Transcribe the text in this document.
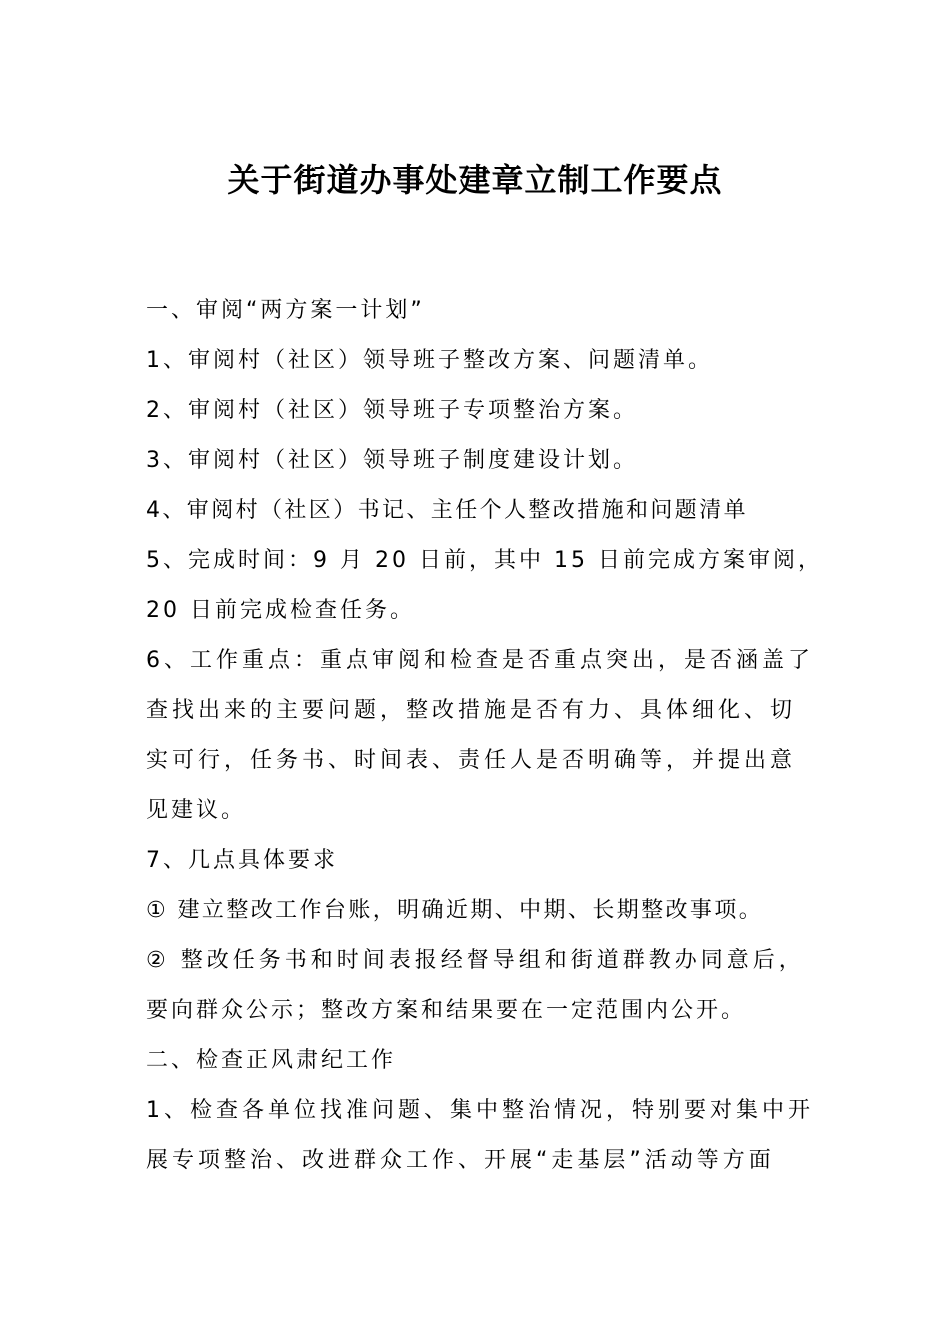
关于街道办事处建章立制工作要点
一、审阅“两方案一计划”
1、审阅村（社区）领导班子整改方案、问题清单。
2、审阅村（社区）领导班子专项整治方案。
3、审阅村（社区）领导班子制度建设计划。
4、审阅村（社区）书记、主任个人整改措施和问题清单
5、完成时间：9 月 20 日前，其中 15 日前完成方案审阅，
20 日前完成检查任务。
6、工作重点：重点审阅和检查是否重点突出，是否涵盖了
查找出来的主要问题，整改措施是否有力、具体细化、切
实可行，任务书、时间表、责任人是否明确等，并提出意
见建议。
7、几点具体要求
① 建立整改工作台账，明确近期、中期、长期整改事项。
② 整改任务书和时间表报经督导组和街道群教办同意后，
要向群众公示；整改方案和结果要在一定范围内公开。
二、检查正风肃纪工作
1、检查各单位找准问题、集中整治情况，特别要对集中开
展专项整治、改进群众工作、开展“走基层”活动等方面
